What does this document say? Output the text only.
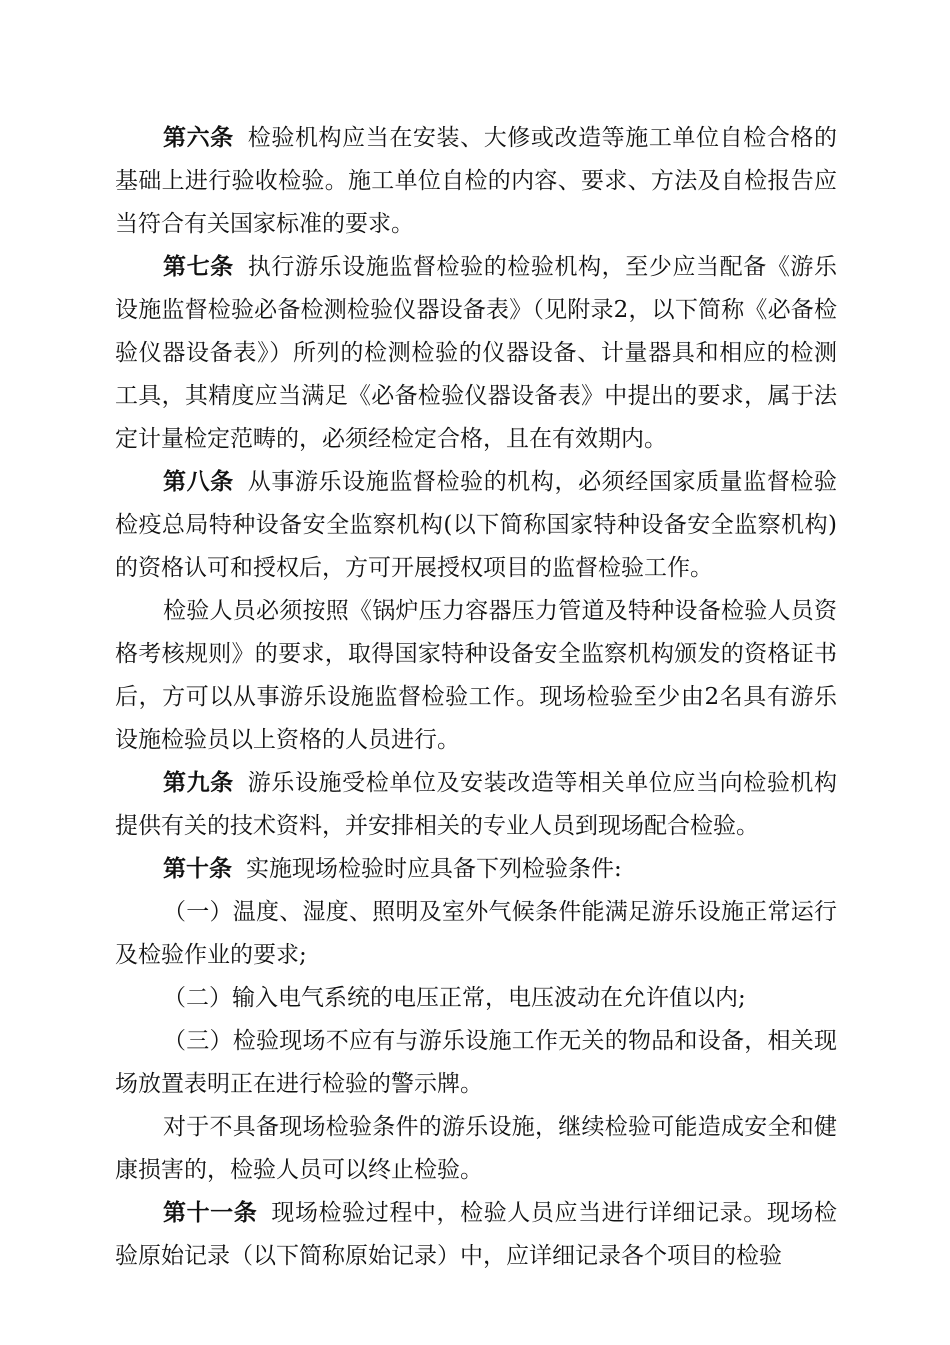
第六条 检验机构应当在安装、大修或改造等施工单位自检合格的基础上进行验收检验。施工单位自检的内容、要求、方法及自检报告应当符合有关国家标准的要求。

第七条 执行游乐设施监督检验的检验机构，至少应当配备《游乐设施监督检验必备检测检验仪器设备表》（见附录2，以下简称《必备检验仪器设备表》）所列的检测检验的仪器设备、计量器具和相应的检测工具，其精度应当满足《必备检验仪器设备表》中提出的要求，属于法定计量检定范畴的，必须经检定合格，且在有效期内。

第八条 从事游乐设施监督检验的机构，必须经国家质量监督检验检疫总局特种设备安全监察机构(以下简称国家特种设备安全监察机构)的资格认可和授权后，方可开展授权项目的监督检验工作。

检验人员必须按照《锅炉压力容器压力管道及特种设备检验人员资格考核规则》的要求，取得国家特种设备安全监察机构颁发的资格证书后，方可以从事游乐设施监督检验工作。现场检验至少由2名具有游乐设施检验员以上资格的人员进行。

第九条 游乐设施受检单位及安装改造等相关单位应当向检验机构提供有关的技术资料，并安排相关的专业人员到现场配合检验。

第十条 实施现场检验时应具备下列检验条件:

（一）温度、湿度、照明及室外气候条件能满足游乐设施正常运行及检验作业的要求;

（二）输入电气系统的电压正常，电压波动在允许值以内;

（三）检验现场不应有与游乐设施工作无关的物品和设备，相关现场放置表明正在进行检验的警示牌。

对于不具备现场检验条件的游乐设施，继续检验可能造成安全和健康损害的，检验人员可以终止检验。

第十一条 现场检验过程中，检验人员应当进行详细记录。现场检验原始记录（以下简称原始记录）中，应详细记录各个项目的检验
